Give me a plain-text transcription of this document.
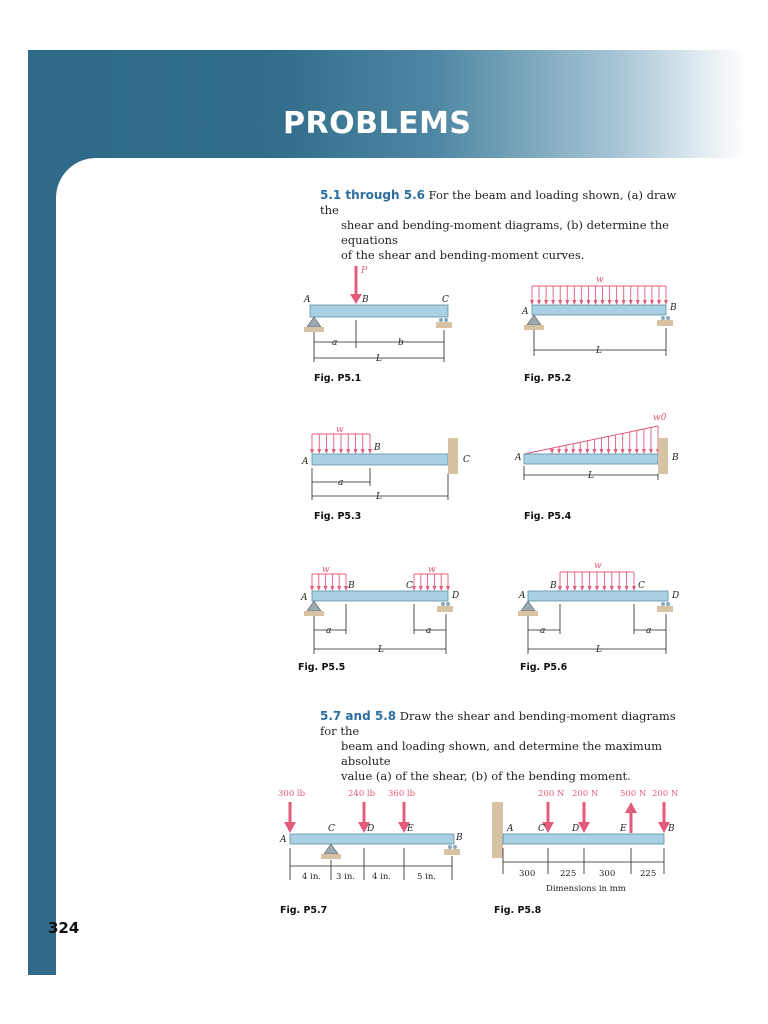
PROBLEMS
5.1 through 5.6 For the beam and loading shown, (a) draw the
shear and bending-moment diagrams, (b) determine the equations
of the shear and bending-moment curves.
P
A	B	C
a	b
L
Fig. P5.1
w
A	B
L
Fig. P5.2
w
A
B
C
a
L
Fig. P5.3
w0
A	B
L
Fig. P5.4
w	w
A
B	C
D
a	a
L
Fig. P5.5
w
A
B	C
D
a	a
L
Fig. P5.6
5.7 and 5.8 Draw the shear and bending-moment diagrams for the
beam and loading shown, and determine the maximum absolute
value (a) of the shear, (b) of the bending moment.
300 lb	240 lb 360 lb
A
C	D	E
B
4 in. 3 in. 4 in.	5 in.
Fig. P5.7
200 N 200 N	500 N 200 N
A	C	D	E	B
300	225	300	225
Dimensions in mm
Fig. P5.8
324
